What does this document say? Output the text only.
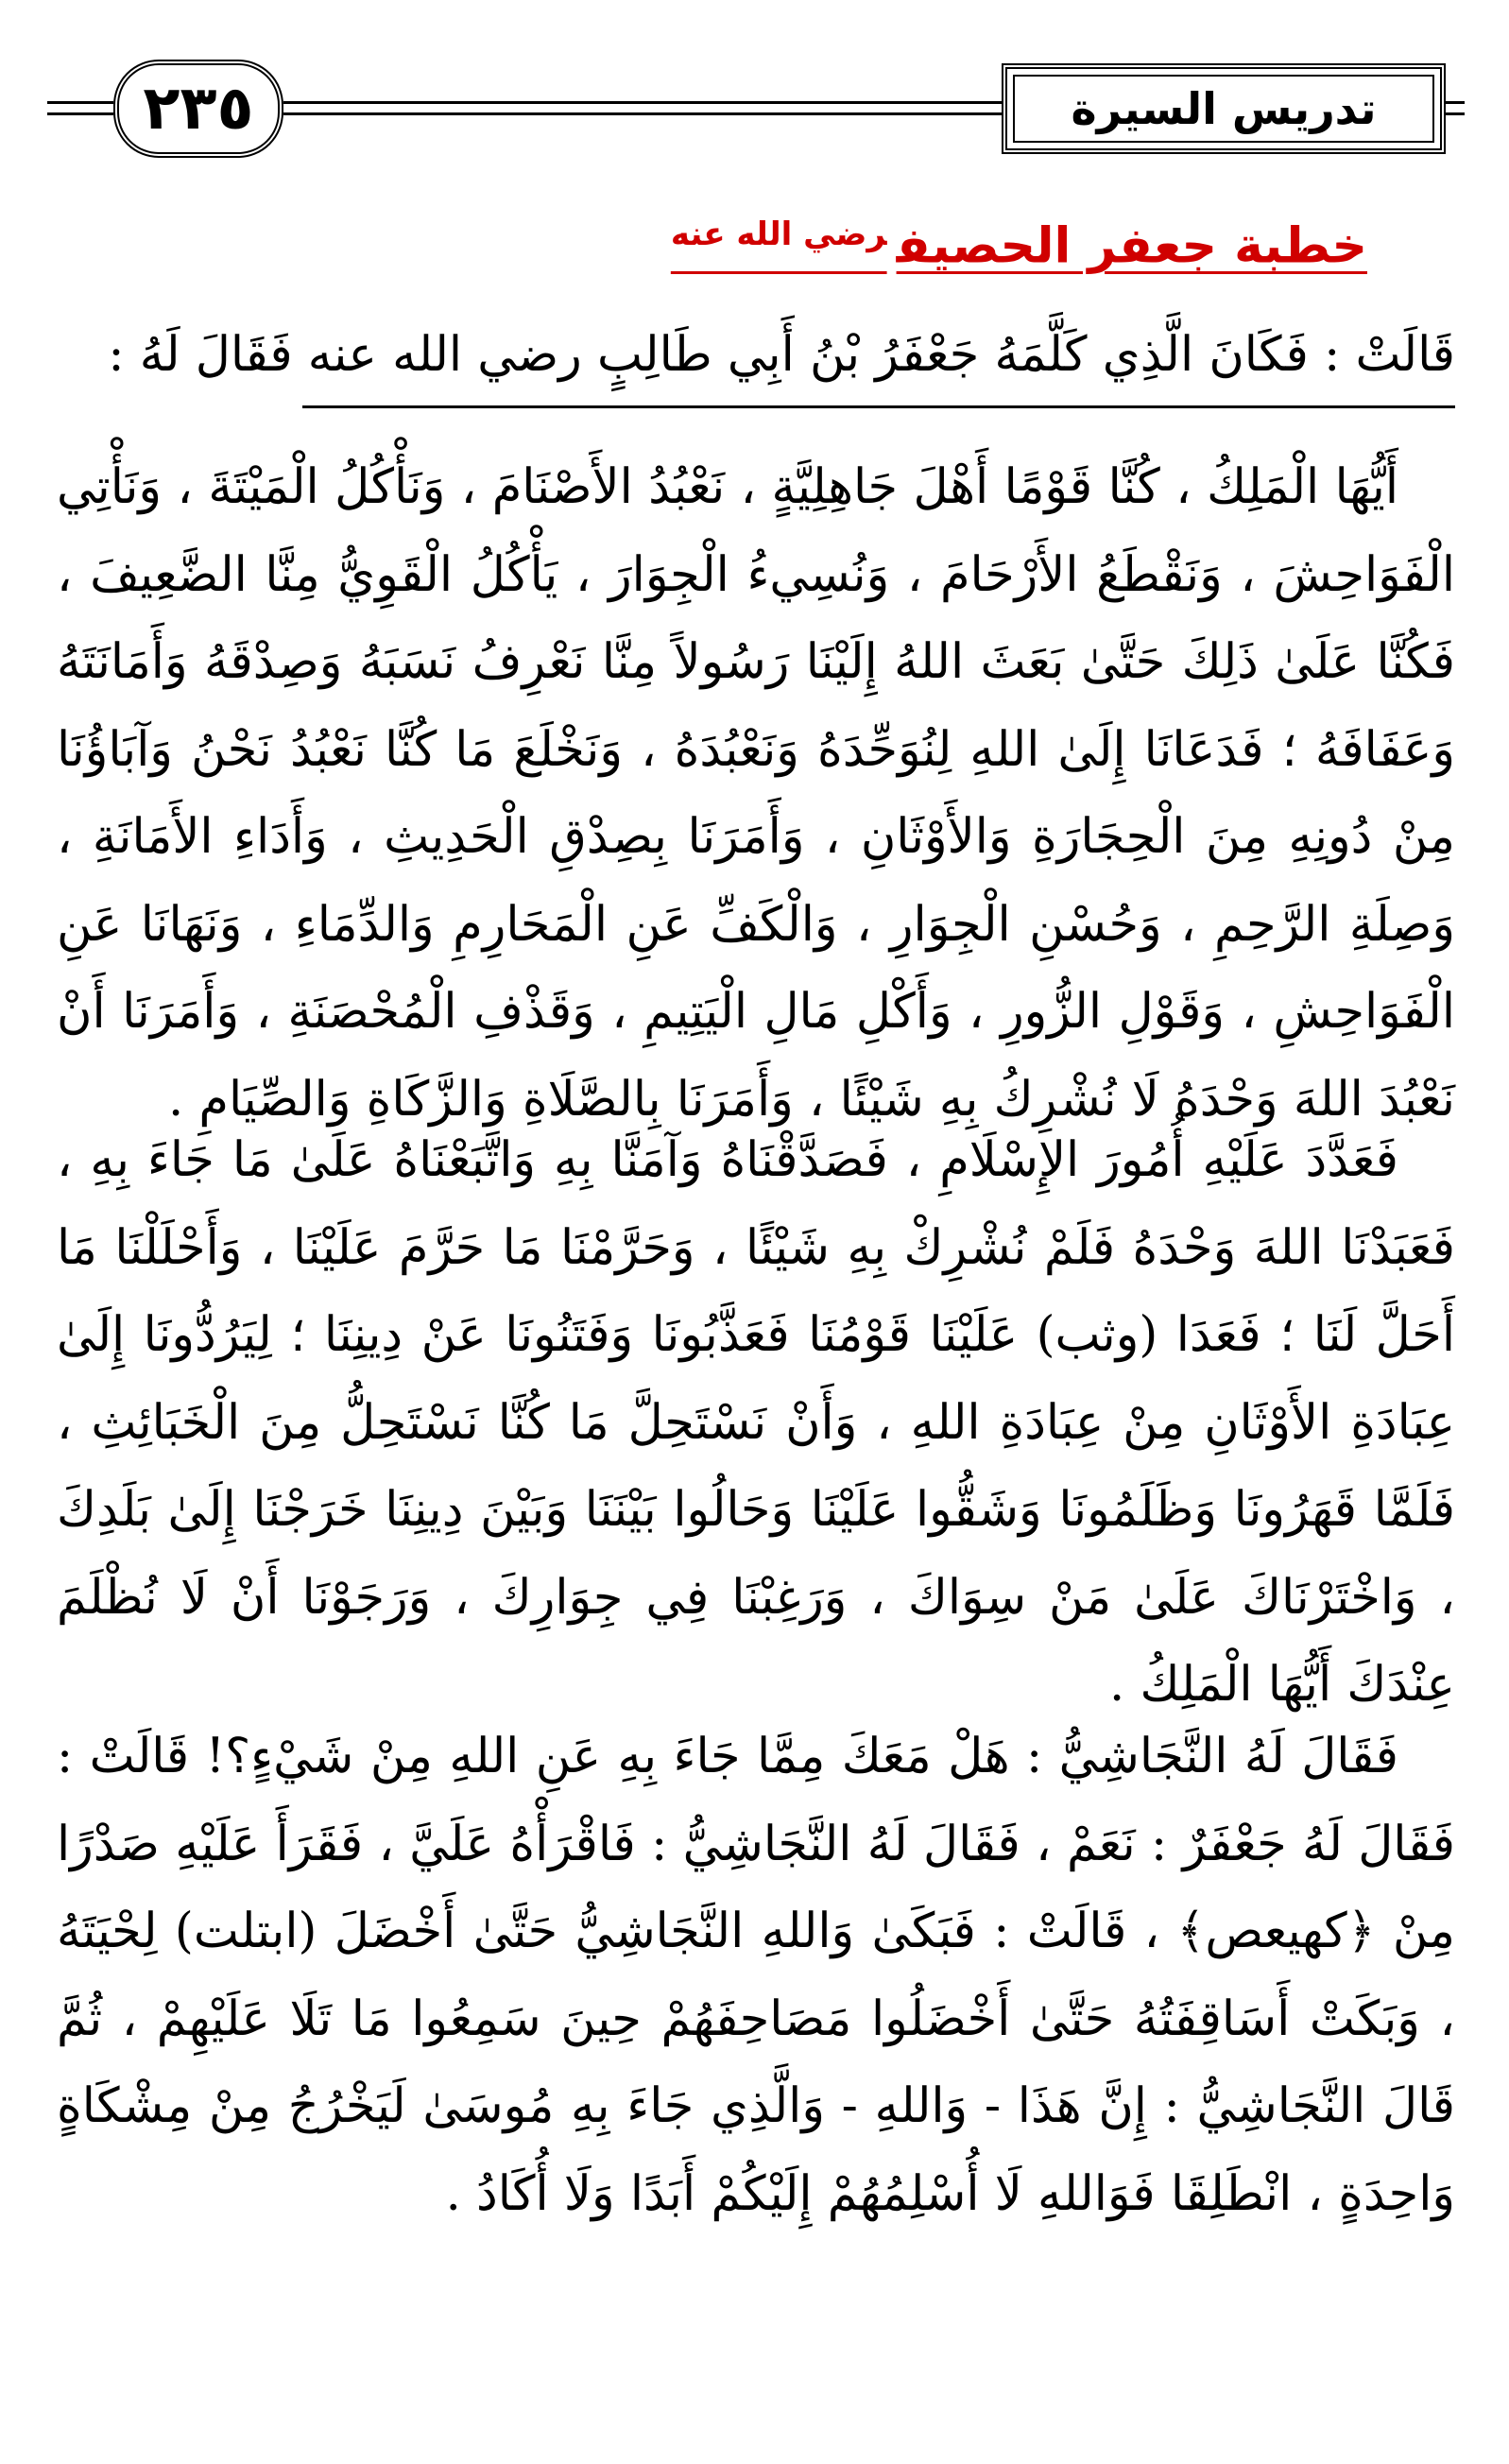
٢٣٥	تدريس السيرة
خطبة جعفر الحصيف$^{رضي الله عنه}$
قَالَتْ : فَكَانَ الَّذِي كَلَّمَهُ جَعْفَرُ بْنُ أَبِي طَالِبٍ رضي الله عنه فَقَالَ لَهُ :
أَيُّهَا الْمَلِكُ ، كُنَّا قَوْمًا أَهْلَ جَاهِلِيَّةٍ ، نَعْبُدُ الأَصْنَامَ ، وَنَأْكُلُ الْمَيْتَةَ ، وَنَأْتِي الْفَوَاحِشَ ، وَنَقْطَعُ الأَرْحَامَ ، وَنُسِيءُ الْجِوَارَ ، يَأْكُلُ الْقَوِيُّ مِنَّا الضَّعِيفَ ، فَكُنَّا عَلَىٰ ذَلِكَ حَتَّىٰ بَعَثَ اللهُ إِلَيْنَا رَسُولاً مِنَّا نَعْرِفُ نَسَبَهُ وَصِدْقَهُ وَأَمَانَتَهُ وَعَفَافَهُ ؛ فَدَعَانَا إِلَىٰ اللهِ لِنُوَحِّدَهُ وَنَعْبُدَهُ ، وَنَخْلَعَ مَا كُنَّا نَعْبُدُ نَحْنُ وَآبَاؤُنَا مِنْ دُونِهِ مِنَ الْحِجَارَةِ وَالأَوْثَانِ ، وَأَمَرَنَا بِصِدْقِ الْحَدِيثِ ، وَأَدَاءِ الأَمَانَةِ ، وَصِلَةِ الرَّحِمِ ، وَحُسْنِ الْجِوَارِ ، وَالْكَفِّ عَنِ الْمَحَارِمِ وَالدِّمَاءِ ، وَنَهَانَا عَنِ الْفَوَاحِشِ ، وَقَوْلِ الزُّورِ ، وَأَكْلِ مَالِ الْيَتِيمِ ، وَقَذْفِ الْمُحْصَنَةِ ، وَأَمَرَنَا أَنْ نَعْبُدَ اللهَ وَحْدَهُ لَا نُشْرِكُ بِهِ شَيْئًا ، وَأَمَرَنَا بِالصَّلَاةِ وَالزَّكَاةِ وَالصِّيَامِ .
فَعَدَّدَ عَلَيْهِ أُمُورَ الإِسْلَامِ ، فَصَدَّقْنَاهُ وَآمَنَّا بِهِ وَاتَّبَعْنَاهُ عَلَىٰ مَا جَاءَ بِهِ ، فَعَبَدْنَا اللهَ وَحْدَهُ فَلَمْ نُشْرِكْ بِهِ شَيْئًا ، وَحَرَّمْنَا مَا حَرَّمَ عَلَيْنَا ، وَأَحْلَلْنَا مَا أَحَلَّ لَنَا ؛ فَعَدَا (وثب) عَلَيْنَا قَوْمُنَا فَعَذَّبُونَا وَفَتَنُونَا عَنْ دِينِنَا ؛ لِيَرُدُّونَا إِلَىٰ عِبَادَةِ الأَوْثَانِ مِنْ عِبَادَةِ اللهِ ، وَأَنْ نَسْتَحِلَّ مَا كُنَّا نَسْتَحِلُّ مِنَ الْخَبَائِثِ ، فَلَمَّا قَهَرُونَا وَظَلَمُونَا وَشَقُّوا عَلَيْنَا وَحَالُوا بَيْنَنَا وَبَيْنَ دِينِنَا خَرَجْنَا إِلَىٰ بَلَدِكَ ، وَاخْتَرْنَاكَ عَلَىٰ مَنْ سِوَاكَ ، وَرَغِبْنَا فِي جِوَارِكَ ، وَرَجَوْنَا أَنْ لَا نُظْلَمَ عِنْدَكَ أَيُّهَا الْمَلِكُ .
فَقَالَ لَهُ النَّجَاشِيُّ : هَلْ مَعَكَ مِمَّا جَاءَ بِهِ عَنِ اللهِ مِنْ شَيْءٍ؟! قَالَتْ : فَقَالَ لَهُ جَعْفَرٌ : نَعَمْ ، فَقَالَ لَهُ النَّجَاشِيُّ : فَاقْرَأْهُ عَلَيَّ ، فَقَرَأَ عَلَيْهِ صَدْرًا مِنْ ﴿كهيعص﴾ ، قَالَتْ : فَبَكَىٰ وَاللهِ النَّجَاشِيُّ حَتَّىٰ أَخْضَلَ (ابتلت) لِحْيَتَهُ ، وَبَكَتْ أَسَاقِفَتُهُ حَتَّىٰ أَخْضَلُوا مَصَاحِفَهُمْ حِينَ سَمِعُوا مَا تَلَا عَلَيْهِمْ ، ثُمَّ قَالَ النَّجَاشِيُّ : إِنَّ هَذَا - وَاللهِ - وَالَّذِي جَاءَ بِهِ مُوسَىٰ لَيَخْرُجُ مِنْ مِشْكَاةٍ وَاحِدَةٍ ، انْطَلِقَا فَوَاللهِ لَا أُسْلِمُهُمْ إِلَيْكُمْ أَبَدًا وَلَا أُكَادُ .
